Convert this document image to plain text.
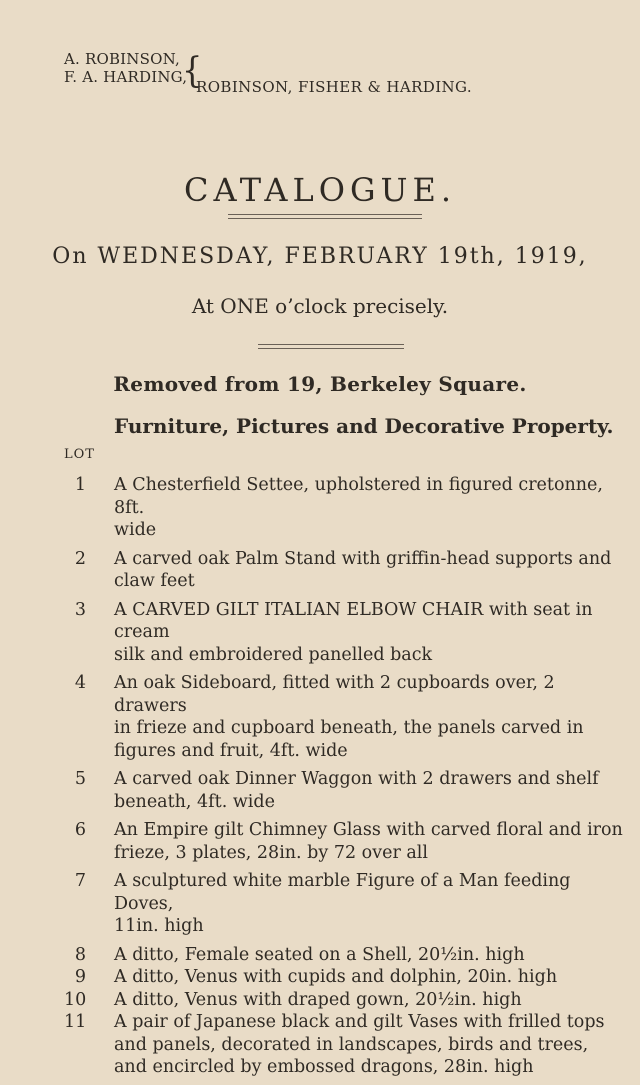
A. ROBINSON,
F. A. HARDING,
{
ROBINSON, FISHER & HARDING.
CATALOGUE.
On WEDNESDAY, FEBRUARY 19th, 1919,
At ONE o’clock precisely.
Removed from 19, Berkeley Square.
Furniture, Pictures and Decorative Property.
LOT
1 A Chesterfield Settee, upholstered in figured cretonne, 8ft.
wide
2 A carved oak Palm Stand with griffin-head supports and
claw feet
3 A CARVED GILT ITALIAN ELBOW CHAIR with seat in cream
silk and embroidered panelled back
4 An oak Sideboard, fitted with 2 cupboards over, 2 drawers
in frieze and cupboard beneath, the panels carved in
figures and fruit, 4ft. wide
5 A carved oak Dinner Waggon with 2 drawers and shelf
beneath, 4ft. wide
6 An Empire gilt Chimney Glass with carved floral and iron
frieze, 3 plates, 28in. by 72 over all
7 A sculptured white marble Figure of a Man feeding Doves,
11in. high
8 A ditto, Female seated on a Shell, 20½in. high
9 A ditto, Venus with cupids and dolphin, 20in. high
10 A ditto, Venus with draped gown, 20½in. high
11 A pair of Japanese black and gilt Vases with frilled tops
and panels, decorated in landscapes, birds and trees,
and encircled by embossed dragons, 28in. high
